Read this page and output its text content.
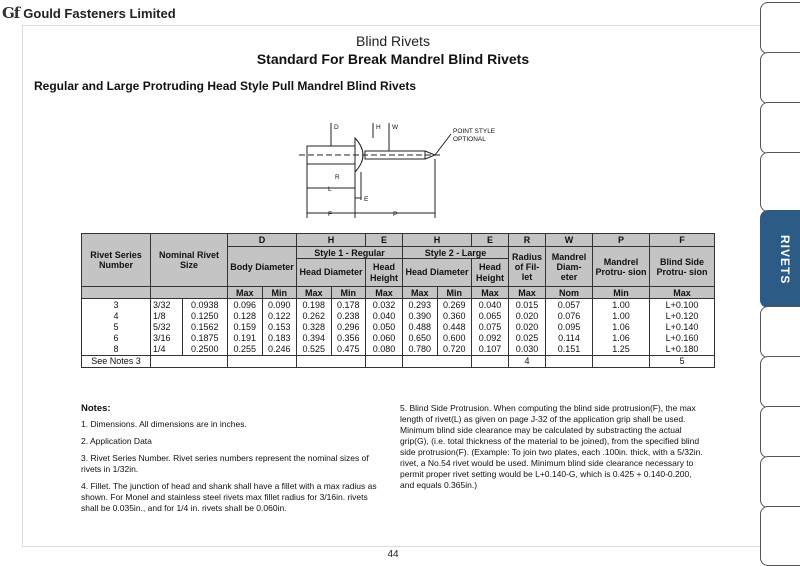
Gf Gould Fasteners Limited
Blind Rivets
Standard For Break Mandrel Blind Rivets
Regular and Large Protruding Head Style Pull Mandrel Blind Rivets
D	H W
POINT STYLE
OPTIONAL
R
L
E
F	P
Rivet Series Number	Nominal Rivet Size		D		H		E	H		E	R	W	P	F
			Body Diameter		Style 1 - Regular			Style 2 - Large			Radius of Fil- let	Mandrel Diam- eter	Mandrel Protru- sion	Blind Side Protru- sion
					Head Diameter		Head Height	Head Diameter		Head Height				
			Max	Min	Max	Min	Max	Max	Min	Max	Max	Nom	Min	Max
3	3/32	0.0938	0.096	0.090	0.198	0.178	0.032	0.293	0.269	0.040	0.015	0.057	1.00	L+0.100
4	1/8	0.1250	0.128	0.122	0.262	0.238	0.040	0.390	0.360	0.065	0.020	0.076	1.00	L+0.120
5	5/32	0.1562	0.159	0.153	0.328	0.296	0.050	0.488	0.448	0.075	0.020	0.095	1.06	L+0.140
6	3/16	0.1875	0.191	0.183	0.394	0.356	0.060	0.650	0.600	0.092	0.025	0.114	1.06	L+0.160
8	1/4	0.2500	0.255	0.246	0.525	0.475	0.080	0.780	0.720	0.107	0.030	0.151	1.25	L+0.180
See Notes 3											4			5
Notes:

1. Dimensions. All dimensions are in inches.

2. Application Data

3. Rivet Series Number. Rivet series numbers represent the nominal sizes of rivets in 1/32in.

4. Fillet. The junction of head and shank shall have a fillet with a max radius as shown. For Monel and stainless steel rivets max fillet radius for 3/16in. rivets shall be 0.035in., and for 1/4 in. rivets shall be 0.060in.

5. Blind Side Protrusion. When computing the blind side protrusion(F), the max length of rivet(L) as given on page J-32 of the application grip shall be used. Minimum blind side clearance may be calculated by substracting the actual grip(G), (i.e. total thickness of the material to be joined), from the specified blind side protrusion(F). (Example: To join two plates, each .100in. thick, with a 5/32in. rivet, a No.54 rivet would be used. Minimum blind side clearance necessary to permit proper rivet setting would be L+0.140-G, which is 0.425 + 0.140-0.200, and equals 0.365in.)

44
RIVETS
